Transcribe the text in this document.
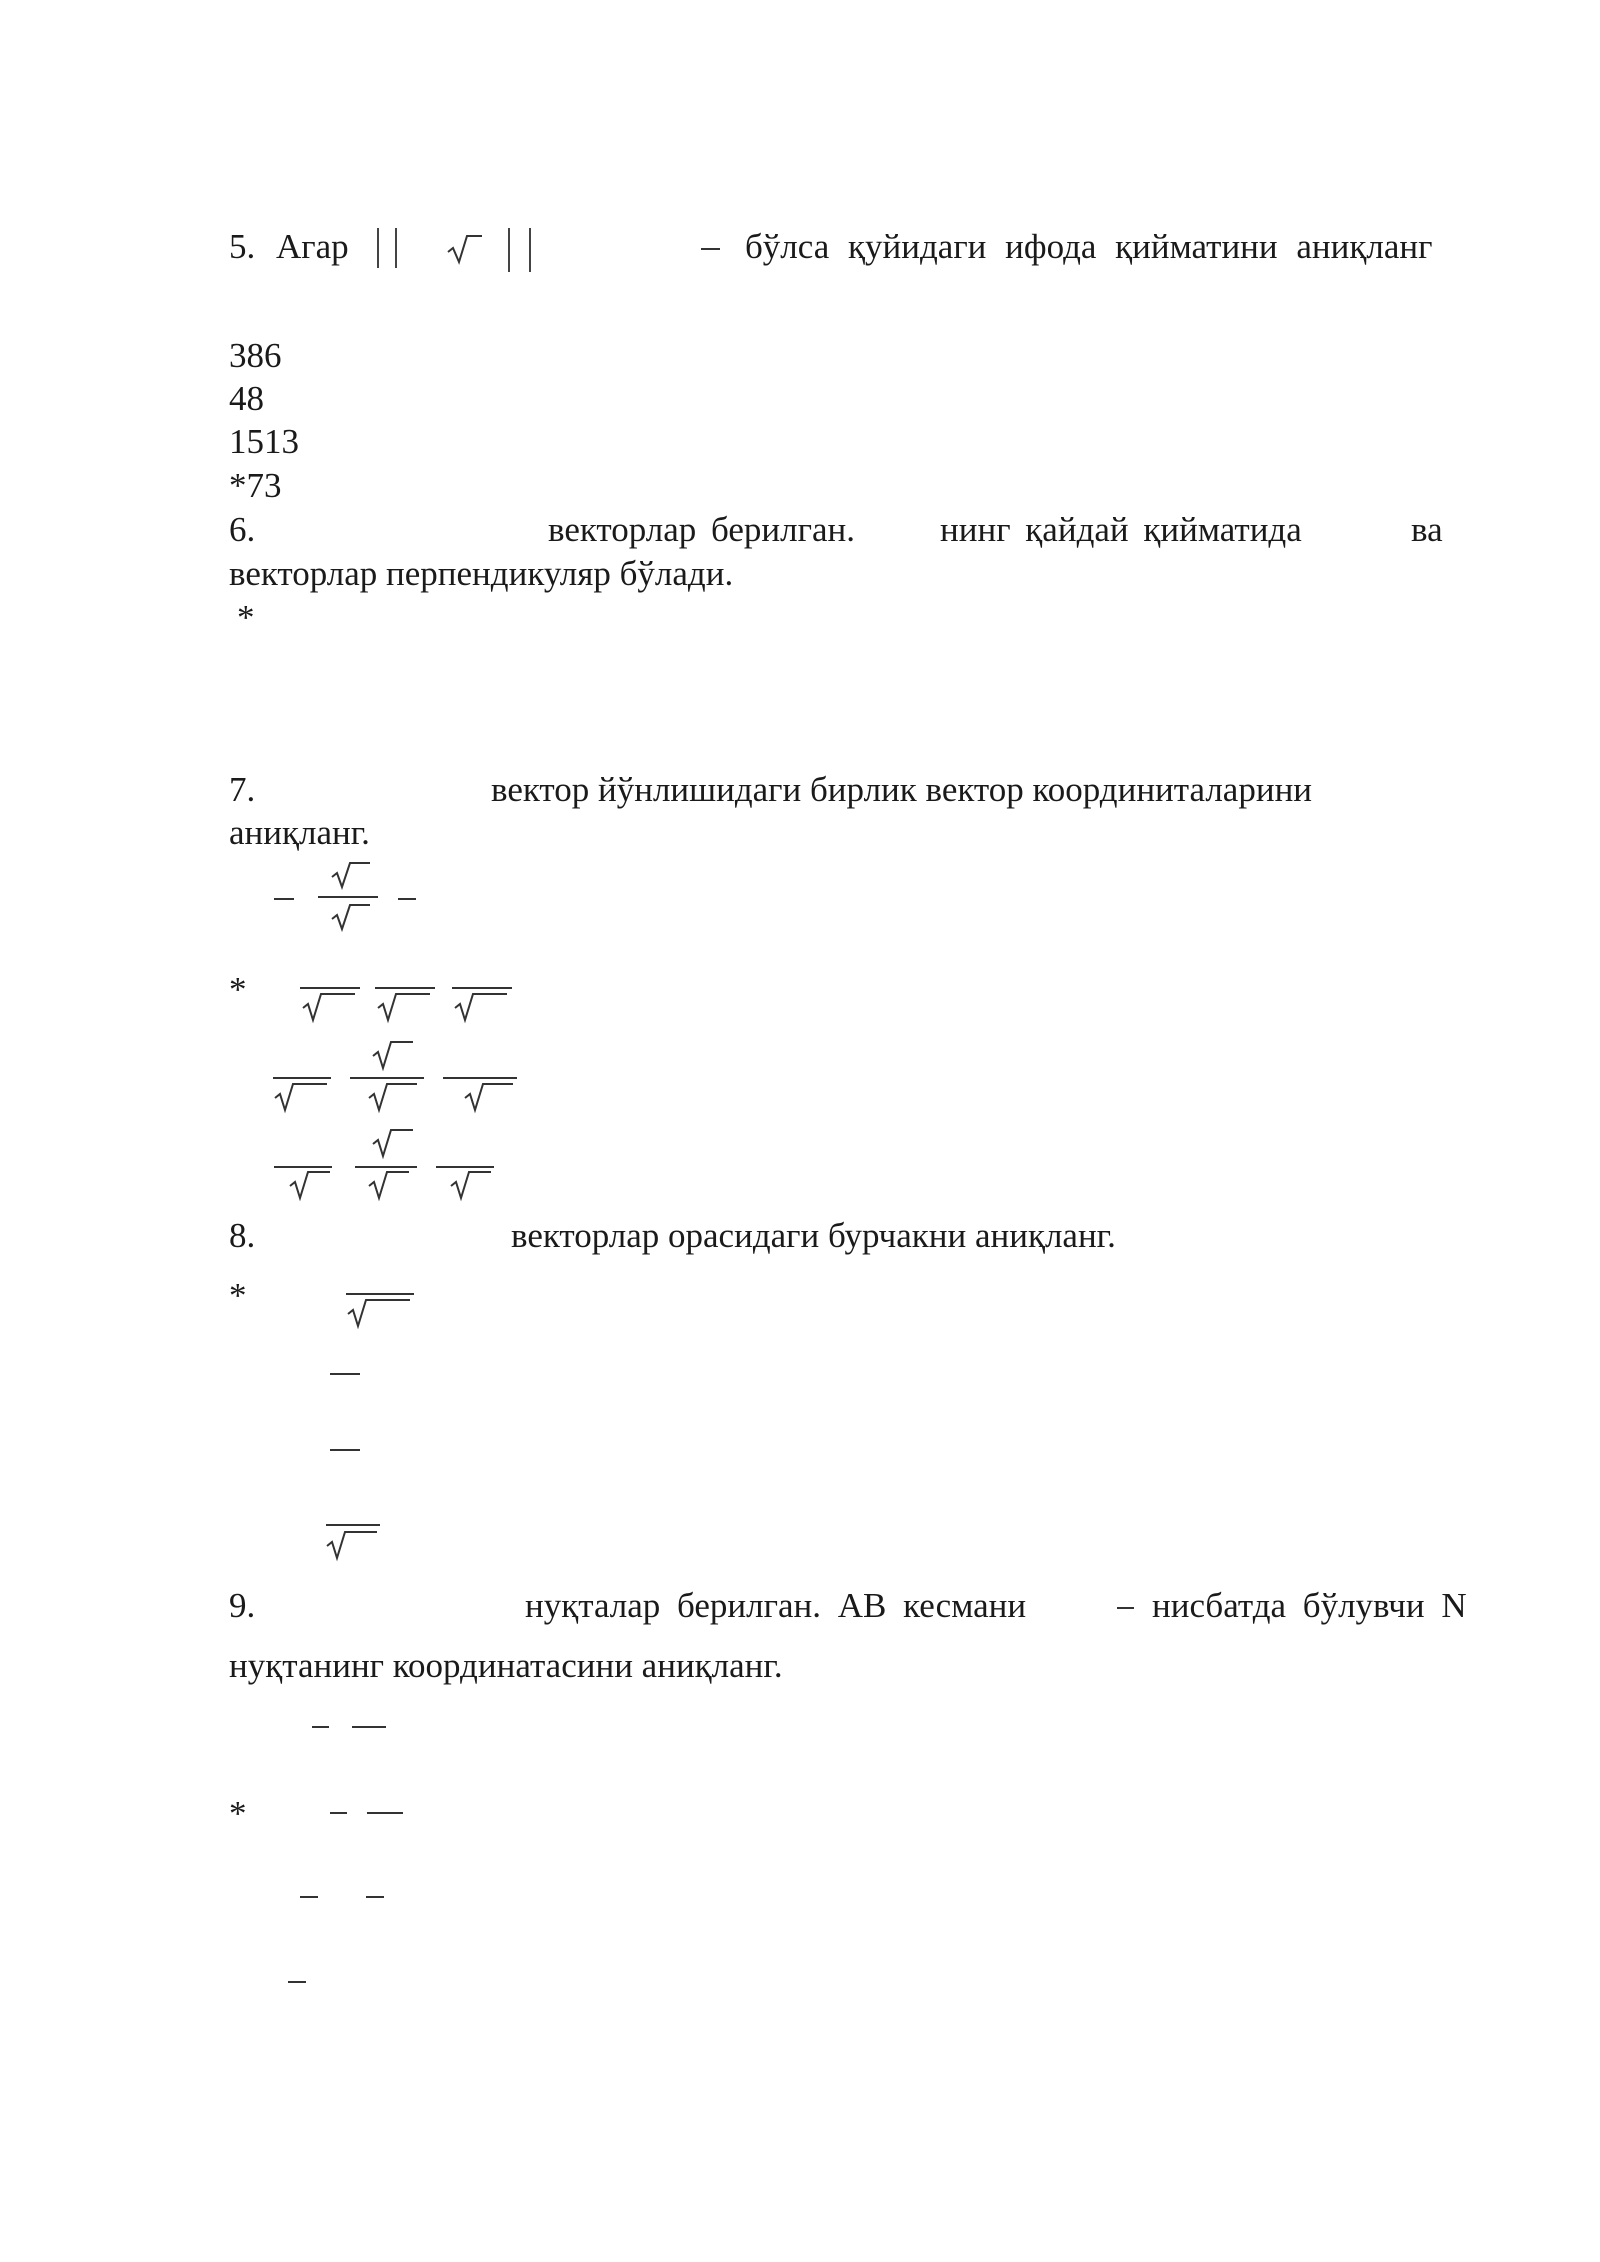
5. Агар	бўлса қуйидаги ифода қийматини аниқланг
386
48
1513
*73
6.	векторлар берилган. нинг қайдай қийматида	ва
векторлар перпендикуляр бўлади.
*
7.	вектор йўнлишидаги бирлик вектор координиталарини
аниқланг.
*
8.	векторлар орасидаги бурчакни аниқланг.
*
9.	нуқталар берилган. АВ кесмани	нисбатда бўлувчи N
нуқтанинг координатасини аниқланг.
*
